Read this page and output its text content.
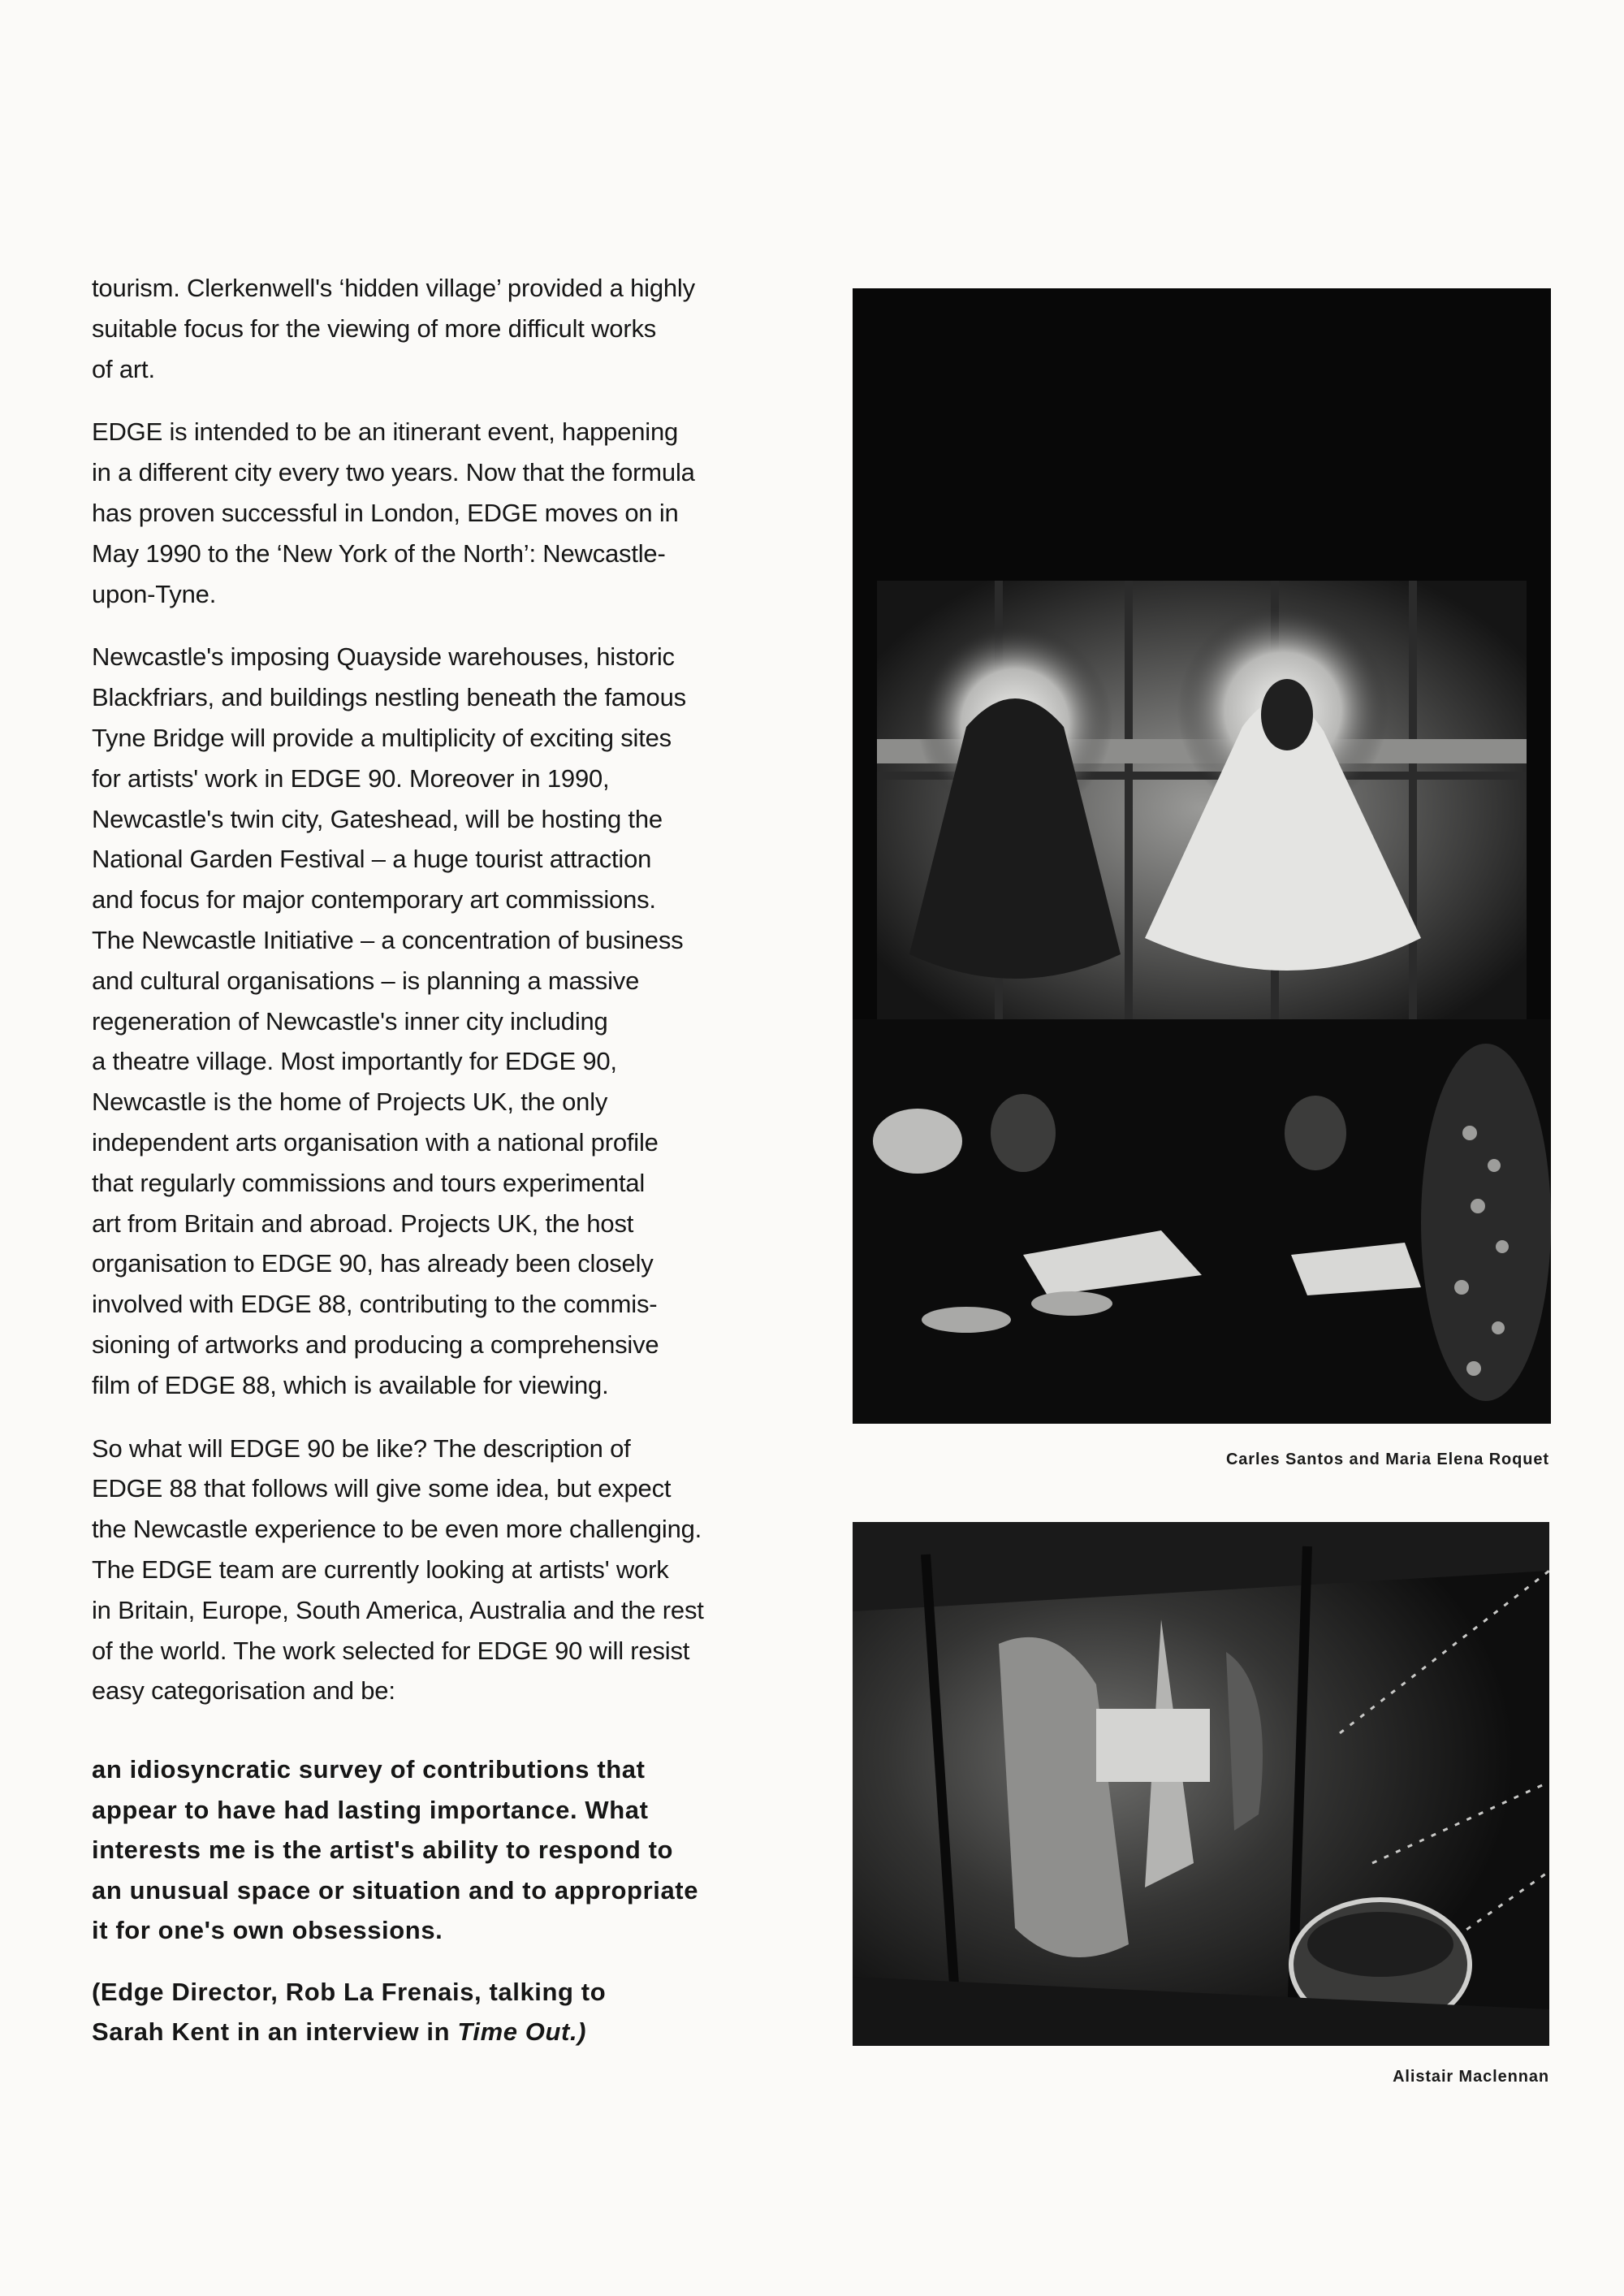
tourism. Clerkenwell's ‘hidden village’ provided a highly
suitable focus for the viewing of more difficult works
of art.

EDGE is intended to be an itinerant event, happening
in a different city every two years. Now that the formula
has proven successful in London, EDGE moves on in
May 1990 to the ‘New York of the North’: Newcastle-
upon-Tyne.

Newcastle's imposing Quayside warehouses, historic
Blackfriars, and buildings nestling beneath the famous
Tyne Bridge will provide a multiplicity of exciting sites
for artists' work in EDGE 90. Moreover in 1990,
Newcastle's twin city, Gateshead, will be hosting the
National Garden Festival – a huge tourist attraction
and focus for major contemporary art commissions.
The Newcastle Initiative – a concentration of business
and cultural organisations – is planning a massive
regeneration of Newcastle's inner city including
a theatre village. Most importantly for EDGE 90,
Newcastle is the home of Projects UK, the only
independent arts organisation with a national profile
that regularly commissions and tours experimental
art from Britain and abroad. Projects UK, the host
organisation to EDGE 90, has already been closely
involved with EDGE 88, contributing to the commis-
sioning of artworks and producing a comprehensive
film of EDGE 88, which is available for viewing.

So what will EDGE 90 be like? The description of
EDGE 88 that follows will give some idea, but expect
the Newcastle experience to be even more challenging.
The EDGE team are currently looking at artists' work
in Britain, Europe, South America, Australia and the rest
of the world. The work selected for EDGE 90 will resist
easy categorisation and be:

an idiosyncratic survey of contributions that
appear to have had lasting importance. What
interests me is the artist's ability to respond to
an unusual space or situation and to appropriate
it for one's own obsessions.

(Edge Director, Rob La Frenais, talking to
Sarah Kent in an interview in Time Out.)

Carles Santos and Maria Elena Roquet
Alistair Maclennan
